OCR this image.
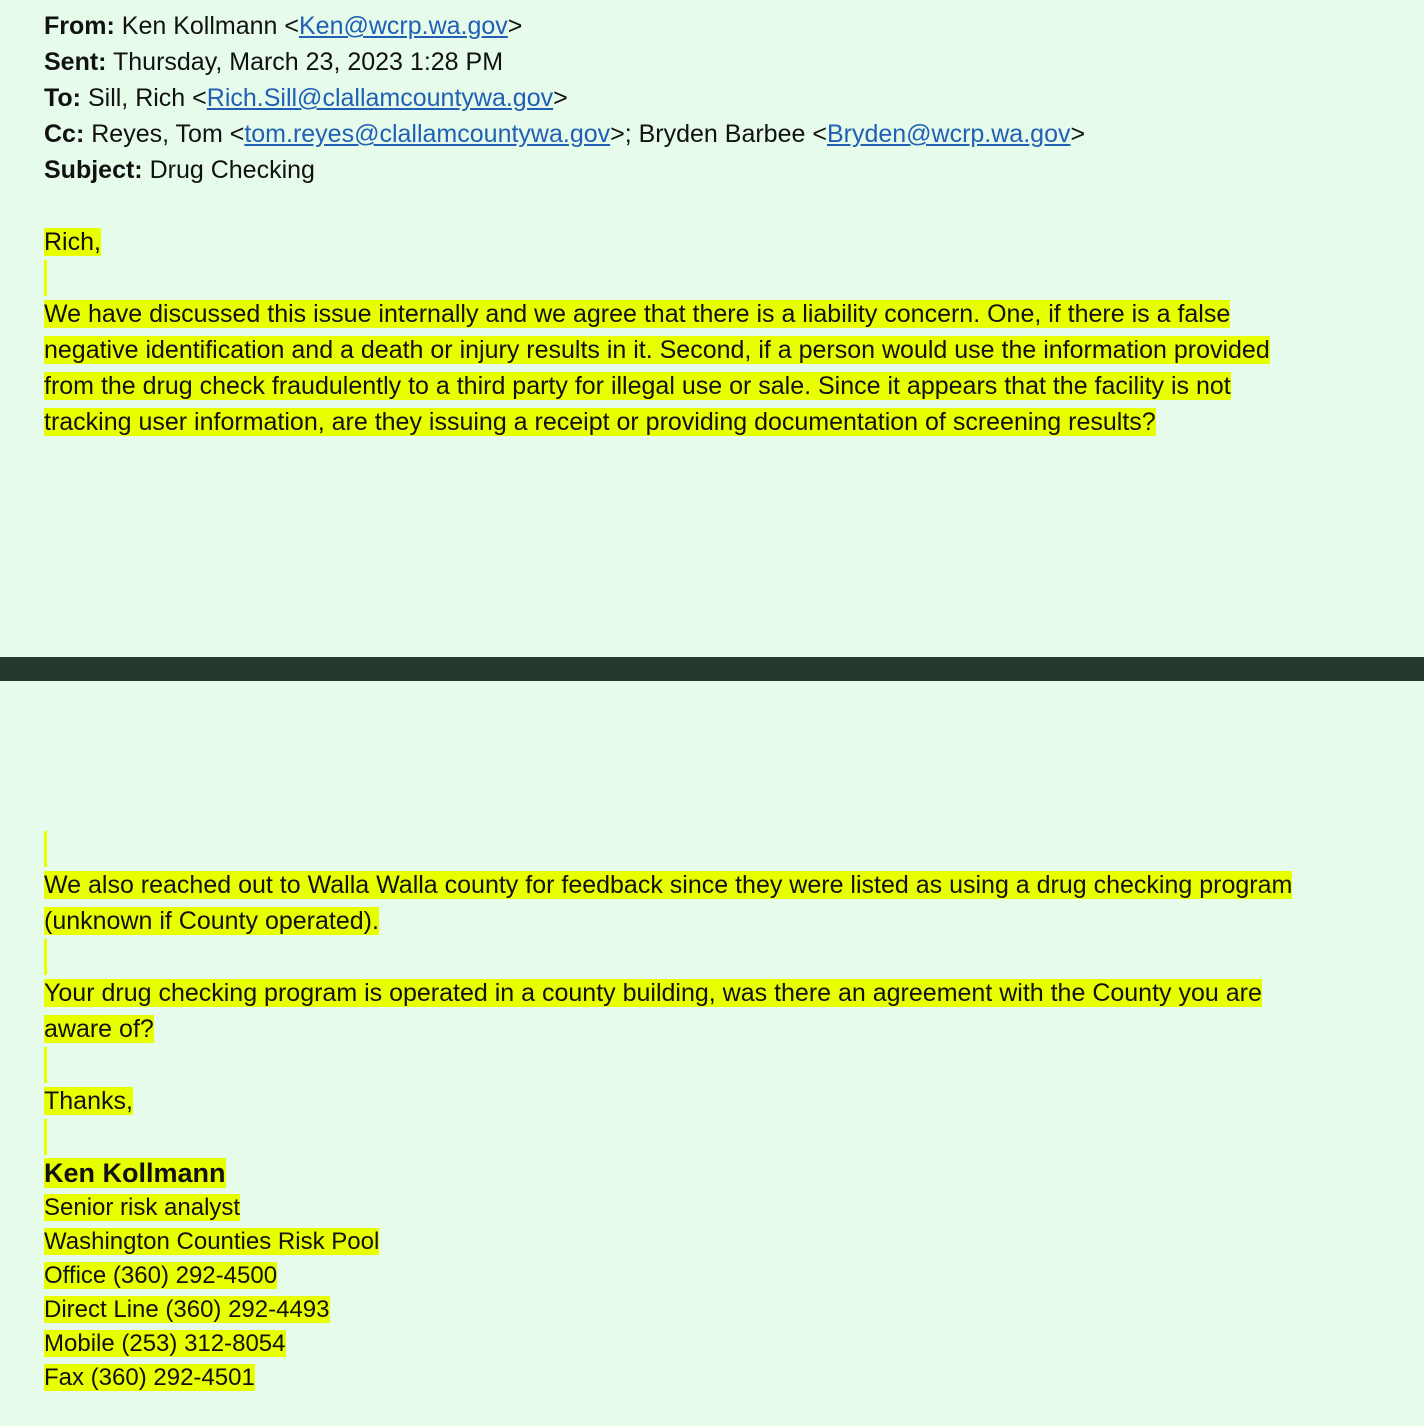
From: Ken Kollmann <Ken@wcrp.wa.gov>
Sent: Thursday, March 23, 2023 1:28 PM
To: Sill, Rich <Rich.Sill@clallamcountywa.gov>
Cc: Reyes, Tom <tom.reyes@clallamcountywa.gov>; Bryden Barbee <Bryden@wcrp.wa.gov>
Subject: Drug Checking
Rich,

We have discussed this issue internally and we agree that there is a liability concern. One, if there is a false negative identification and a death or injury results in it. Second, if a person would use the information provided from the drug check fraudulently to a third party for illegal use or sale. Since it appears that the facility is not tracking user information, are they issuing a receipt or providing documentation of screening results?

We also reached out to Walla Walla county for feedback since they were listed as using a drug checking program (unknown if County operated).

Your drug checking program is operated in a county building, was there an agreement with the County you are aware of?

Thanks,
Ken Kollmann
Senior risk analyst
Washington Counties Risk Pool
Office (360) 292-4500
Direct Line (360) 292-4493
Mobile (253) 312-8054
Fax (360) 292-4501
